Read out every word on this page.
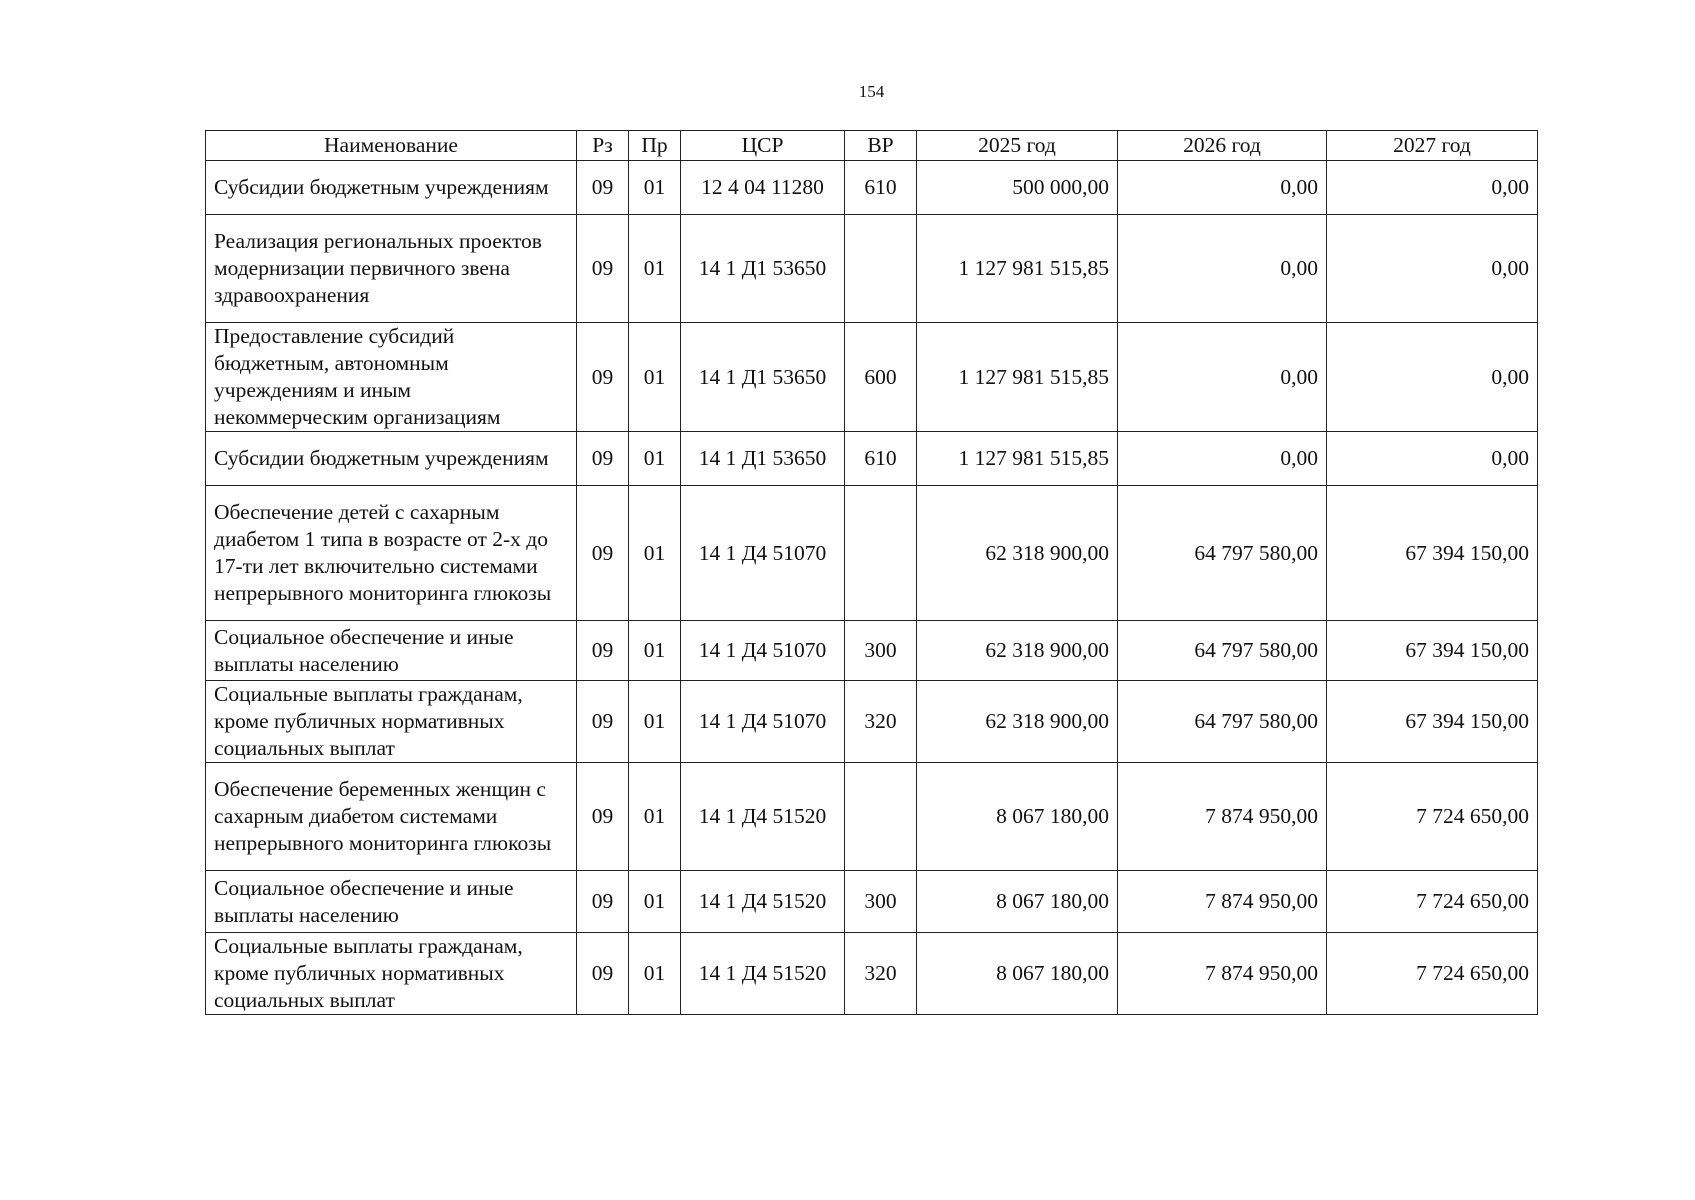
154
Наименование	Рз	Пр	ЦСР	ВР	2025 год	2026 год	2027 год
Субсидии бюджетным учреждениям	09	01	12 4 04 11280	610	500 000,00	0,00	0,00
Реализация региональных проектов модернизации первичного звена здравоохранения	09	01	14 1 Д1 53650		1 127 981 515,85	0,00	0,00
Предоставление субсидий бюджетным, автономным учреждениям и иным некоммерческим организациям	09	01	14 1 Д1 53650	600	1 127 981 515,85	0,00	0,00
Субсидии бюджетным учреждениям	09	01	14 1 Д1 53650	610	1 127 981 515,85	0,00	0,00
Обеспечение детей с сахарным диабетом 1 типа в возрасте от 2-х до 17-ти лет включительно системами непрерывного мониторинга глюкозы	09	01	14 1 Д4 51070		62 318 900,00	64 797 580,00	67 394 150,00
Социальное обеспечение и иные выплаты населению	09	01	14 1 Д4 51070	300	62 318 900,00	64 797 580,00	67 394 150,00
Социальные выплаты гражданам, кроме публичных нормативных социальных выплат	09	01	14 1 Д4 51070	320	62 318 900,00	64 797 580,00	67 394 150,00
Обеспечение беременных женщин с сахарным диабетом системами непрерывного мониторинга глюкозы	09	01	14 1 Д4 51520		8 067 180,00	7 874 950,00	7 724 650,00
Социальное обеспечение и иные выплаты населению	09	01	14 1 Д4 51520	300	8 067 180,00	7 874 950,00	7 724 650,00
Социальные выплаты гражданам, кроме публичных нормативных социальных выплат	09	01	14 1 Д4 51520	320	8 067 180,00	7 874 950,00	7 724 650,00
